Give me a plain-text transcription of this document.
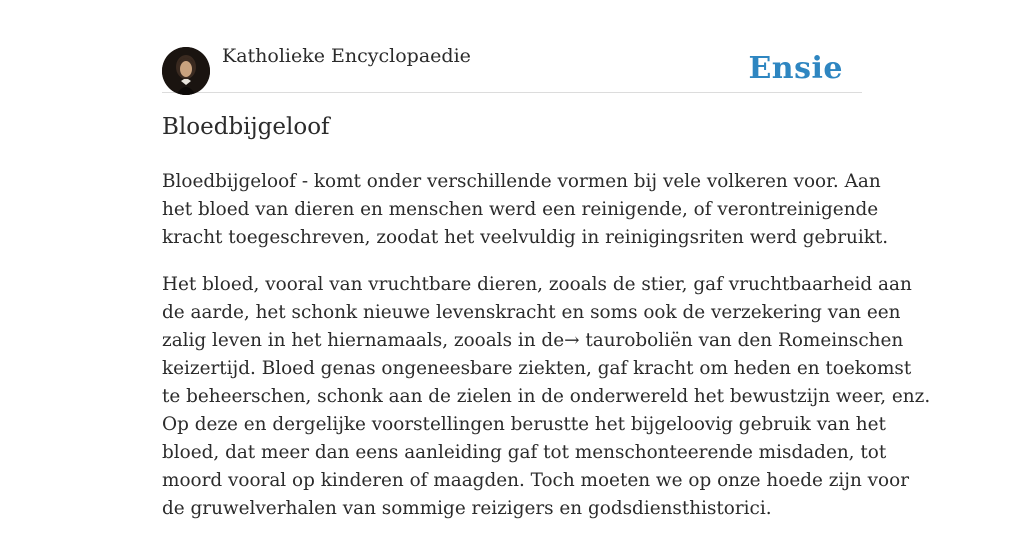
Katholieke Encyclopaedie	Ensie
Bloedbijgeloof

Bloedbijgeloof - komt onder verschillende vormen bij vele volkeren voor. Aan
het bloed van dieren en menschen werd een reinigende, of verontreinigende
kracht toegeschreven, zoodat het veelvuldig in reinigingsriten werd gebruikt.

Het bloed, vooral van vruchtbare dieren, zooals de stier, gaf vruchtbaarheid aan
de aarde, het schonk nieuwe levenskracht en soms ook de verzekering van een
zalig leven in het hiernamaals, zooals in de→ tauroboliën van den Romeinschen
keizertijd. Bloed genas ongeneesbare ziekten, gaf kracht om heden en toekomst
te beheerschen, schonk aan de zielen in de onderwereld het bewustzijn weer, enz.
Op deze en dergelijke voorstellingen berustte het bijgeloovig gebruik van het
bloed, dat meer dan eens aanleiding gaf tot menschonteerende misdaden, tot
moord vooral op kinderen of maagden. Toch moeten we op onze hoede zijn voor
de gruwelverhalen van sommige reizigers en godsdiensthistorici.
